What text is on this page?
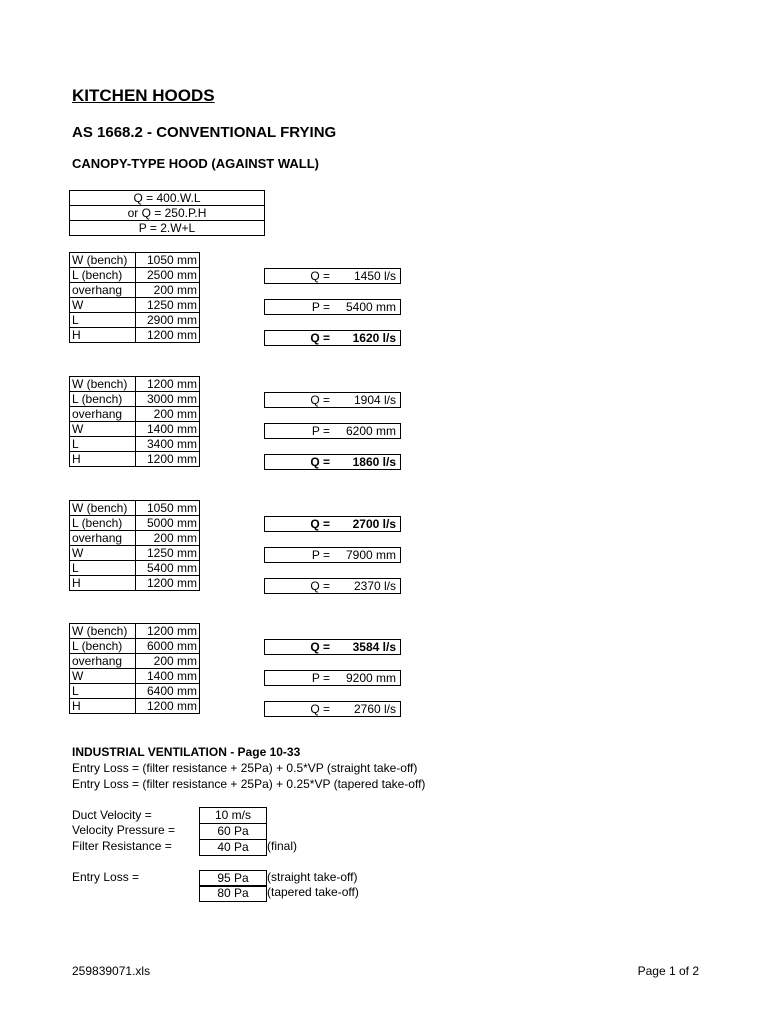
KITCHEN HOODS
AS 1668.2 - CONVENTIONAL FRYING
CANOPY-TYPE HOOD (AGAINST WALL)
Q = 400.W.L
or Q = 250.P.H
P = 2.W+L
W (bench)	1050 mm
L (bench)	2500 mm
overhang	200 mm
W	1250 mm
L	2900 mm
H	1200 mm
Q = 1450 l/s
P = 5400 mm
Q = 1620 l/s
W (bench)	1200 mm
L (bench)	3000 mm
overhang	200 mm
W	1400 mm
L	3400 mm
H	1200 mm
Q = 1904 l/s
P = 6200 mm
Q = 1860 l/s
W (bench)	1050 mm
L (bench)	5000 mm
overhang	200 mm
W	1250 mm
L	5400 mm
H	1200 mm
Q = 2700 l/s
P = 7900 mm
Q = 2370 l/s
W (bench)	1200 mm
L (bench)	6000 mm
overhang	200 mm
W	1400 mm
L	6400 mm
H	1200 mm
Q = 3584 l/s
P = 9200 mm
Q = 2760 l/s
INDUSTRIAL VENTILATION - Page 10-33
Entry Loss = (filter resistance + 25Pa) + 0.5*VP (straight take-off)
Entry Loss = (filter resistance + 25Pa) + 0.25*VP (tapered take-off)
Duct Velocity =	10 m/s
Velocity Pressure =	60 Pa
Filter Resistance =	40 Pa	(final)
Entry Loss =	95 Pa	(straight take-off)
80 Pa	(tapered take-off)
259839071.xls	Page 1 of 2
